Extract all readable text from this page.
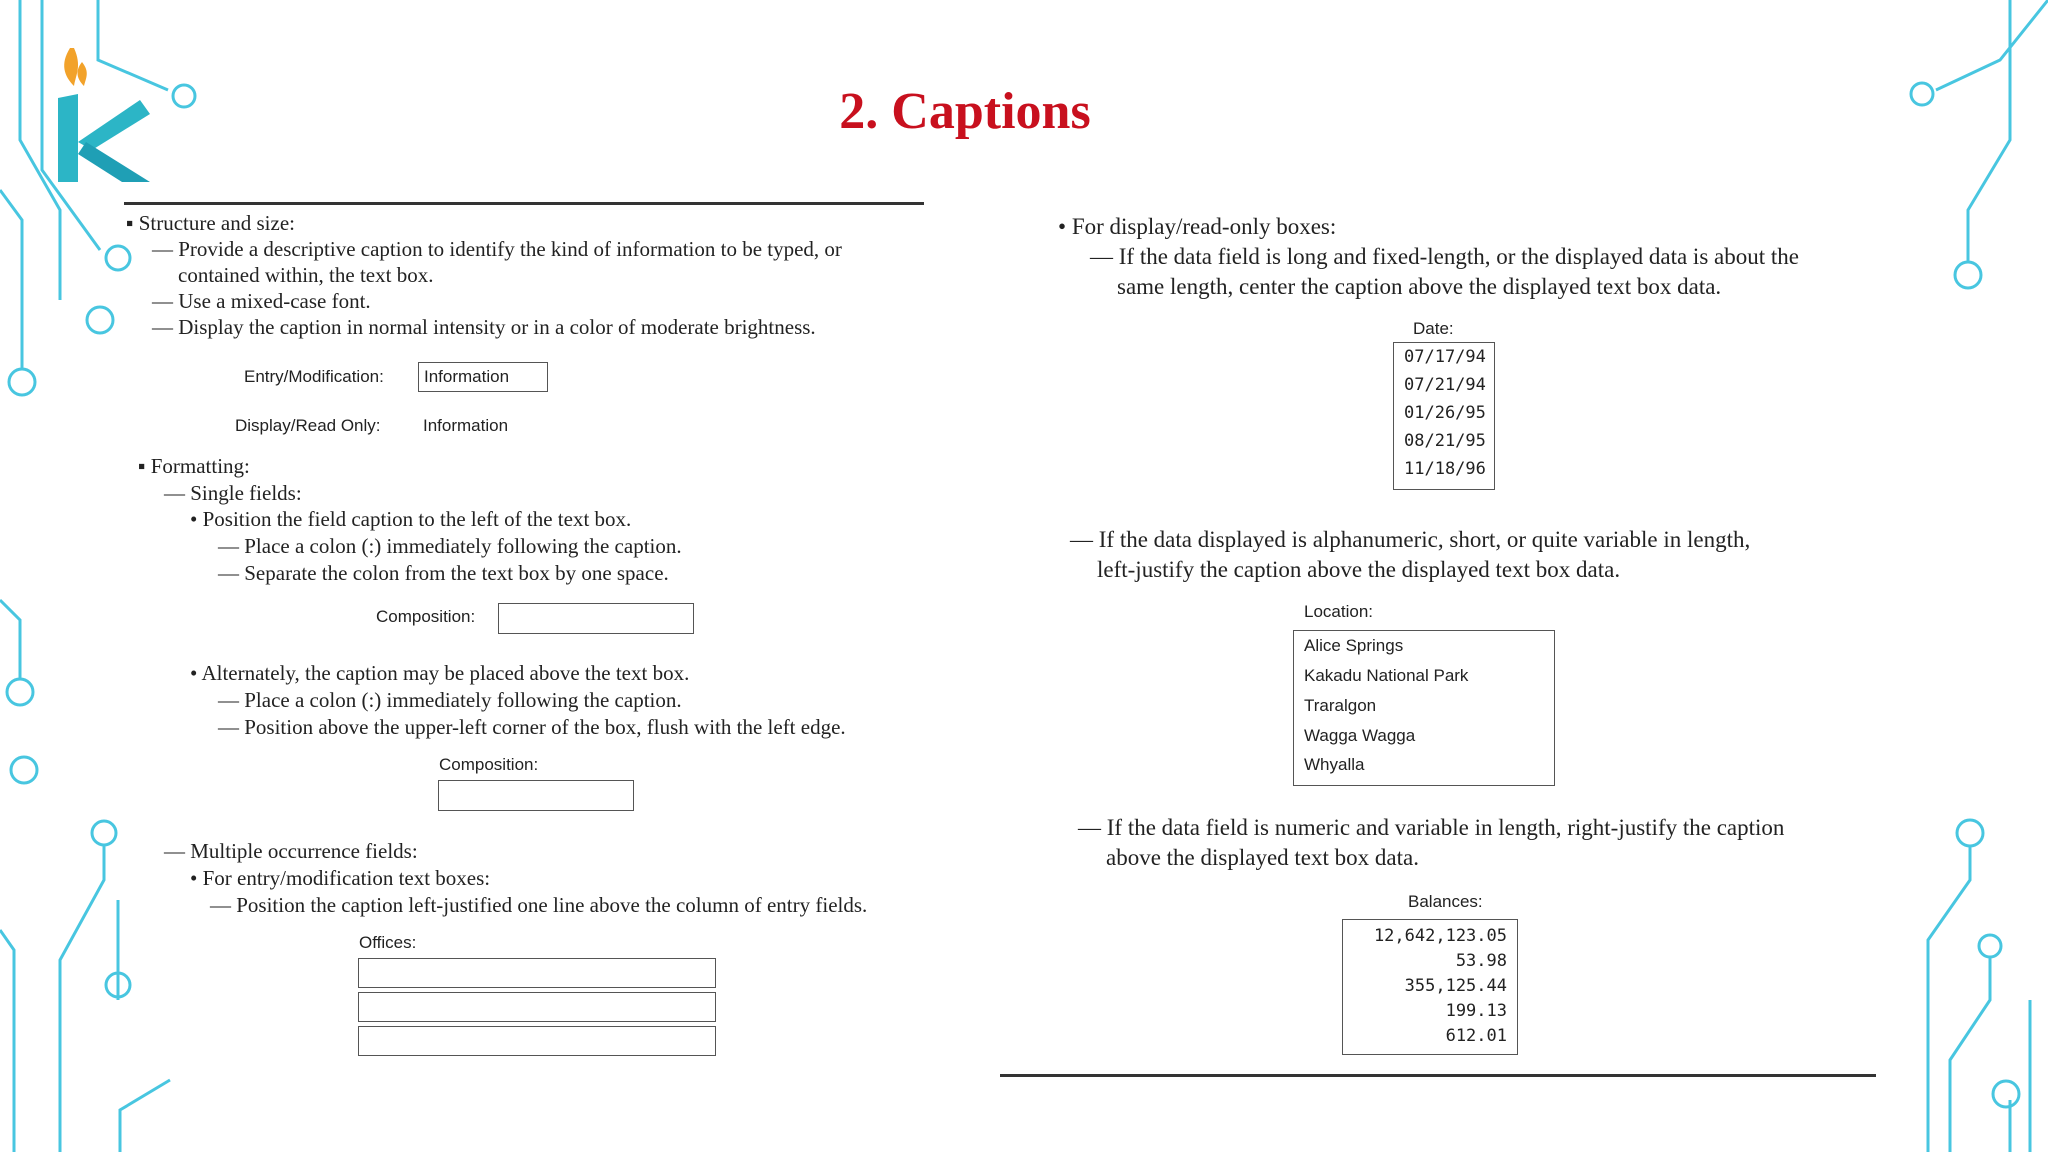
2. Captions
▪ Structure and size:
— Provide a descriptive caption to identify the kind of information to be typed, or
contained within, the text box.
— Use a mixed-case font.
— Display the caption in normal intensity or in a color of moderate brightness.
Entry/Modification: Information
Display/Read Only: Information
▪ Formatting:
— Single fields:
• Position the field caption to the left of the text box.
— Place a colon (:) immediately following the caption.
— Separate the colon from the text box by one space.
Composition:
• Alternately, the caption may be placed above the text box.
— Place a colon (:) immediately following the caption.
— Position above the upper-left corner of the box, flush with the left edge.
Composition:
— Multiple occurrence fields:
• For entry/modification text boxes:
— Position the caption left-justified one line above the column of entry fields.
Offices:
• For display/read-only boxes:
— If the data field is long and fixed-length, or the displayed data is about the
same length, center the caption above the displayed text box data.
Date:
07/17/94
07/21/94
01/26/95
08/21/95
11/18/96
— If the data displayed is alphanumeric, short, or quite variable in length,
left-justify the caption above the displayed text box data.
Location:
Alice Springs
Kakadu National Park
Traralgon
Wagga Wagga
Whyalla
— If the data field is numeric and variable in length, right-justify the caption
above the displayed text box data.
Balances:
12,642,123.05
53.98
355,125.44
199.13
612.01
